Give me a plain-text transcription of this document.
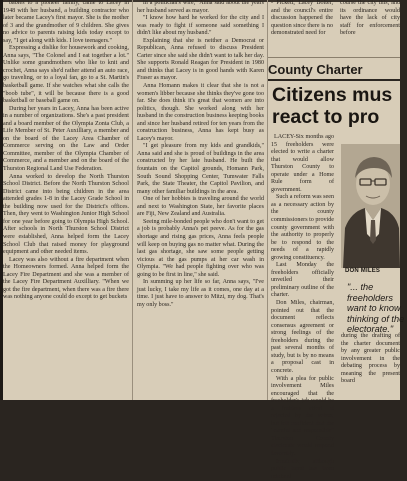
babies to a pioneer family, came to Lacey in 1948 with her husband, a building contractor who later became Lacey's first mayor. She is the mother of 3 and the grandmother of 9 children. She gives no advice to parents raising kids today except to say, "I get along with kids. I love teenagers."

Expressing a dislike for housework and cooking, Anna says, "The Colonel and I eat together a lot." Unlike some grandmothers who like to knit and crochet, Anna says she'd rather attend an auto race, go traveling, or to a loyal fan, go to a St. Martin's basketball game. If she watches what she calls the "boob tube", it will be because there is a good basketball or baseball game on.

During her years in Lacey, Anna has been active in a number of organizations. She's a past president and a board member of the Olympia Zonta Club, a Life Member of St. Peter Auxilliary, a member and on the board of the Lacey Area Chamber of Commerce serving on the Law and Order Committee, member of the Olympia Chamber of Commerce, and a member and on the board of the Thurston Regional Land Use Federation.

Anna worked to develop the North Thurston School District. Before the North Thurston School District came into being children in the area attended grades 1-8 in the Lacey Grade School in the building now used for the District's offices. Then, they went to Washington Junior High School for one year before going to Olympia High School. After schools in North Thurston School District were established, Anna helped form the Lacey School Club that raised money for playground equipment and other needed items.

Lacey was also without a fire department when the Homeowners formed. Anna helped form the Lacey Fire Department and she was a member of the Lacey Fire Department Auxilliary. "When we got the fire department, when there was a fire there was nothing anyone could do except to get buckets

in a politician's wife," Anna said about the years her husband served as mayor.

"I know how hard he worked for the city and I was ready to fight if someone said something I didn't like about my husband."

Explaining that she is neither a Democrat or Republican, Anna refused to discuss President Carter since she said she didn't want to talk her day. She supports Ronald Reagan for President in 1980 and thinks that Lacey is in good hands with Karen Fraser as mayor.

Anna Homann makes it clear that she is not a women's libber because she thinks they've gone too far. She does think it's great that women are into politics, though. She worked along with her husband in the construction business keeping books and since her husband retired for ten years from the construction business, Anna has kept busy as Lacey's mayor.

"I get pleasure from my kids and grandkids," Anna said and she is proud of buildings in the area constructed by her late husband. He built the fountain on the Capitol grounds, Homann Park, South Sound Shopping Center, Tumwater Falls Park, the State Theater, the Capitol Pavilion, and many other familiar buildings in the area.

One of her hobbies is traveling around the world and next to Washington State, her favorite places are Fiji, New Zealand and Australia.

Seeing mile-bonded people who don't want to get a job is probably Anna's pet peeve. As for the gas shortage and rising gas prices, Anna feels people will keep on buying gas no matter what. During the last gas shortage, she saw some people getting vicious at the gas pumps at her car wash in Olympia. "We had people fighting over who was going to be first in line," she said.

In summing up her life so far, Anna says, "I've just lucky, I take my life as it comes, one day at a time. I just have to answer to Mitzi, my dog. That's my only boss."

- Pickett, Lacey Bolter, and the council's entire discussion happened the question since there is no demonstrated need for

course the city this, and its ordinance would have the lack of city staff for enforcement before

County Charter
Citizens mus
react to pro

LACEY-Six months ago 15 freeholders were elected to write a charter that would allow Thurston County to operate under a Home Rule form of government.

Such a reform was seen as a necessary action by the county commissioners to provide county government with the authority to properly be to respond to the needs of a rapidly growing constituency.

Last Monday the freeholders officially unveiled their preliminary outline of the charter.

Don Miles, chairman, pointed out that the document reflects consensus agreement or strong feelings of the freeholders during the past several months of study, but is by no means a proposal cast in concrete.

With a plea for public involvement Miles encouraged that the freeholder's job would be a fruitless effort if rejected by the voters, but felt confident that the "careful and responsible" Thurston County electorate would respond favorably.

Ironically, although public input has been minimal

DON MILES
"... the freeholders want to know thinking of the electorate."

during the drafting of the charter document by any greater public involvement in the debating process by meaning the present board
